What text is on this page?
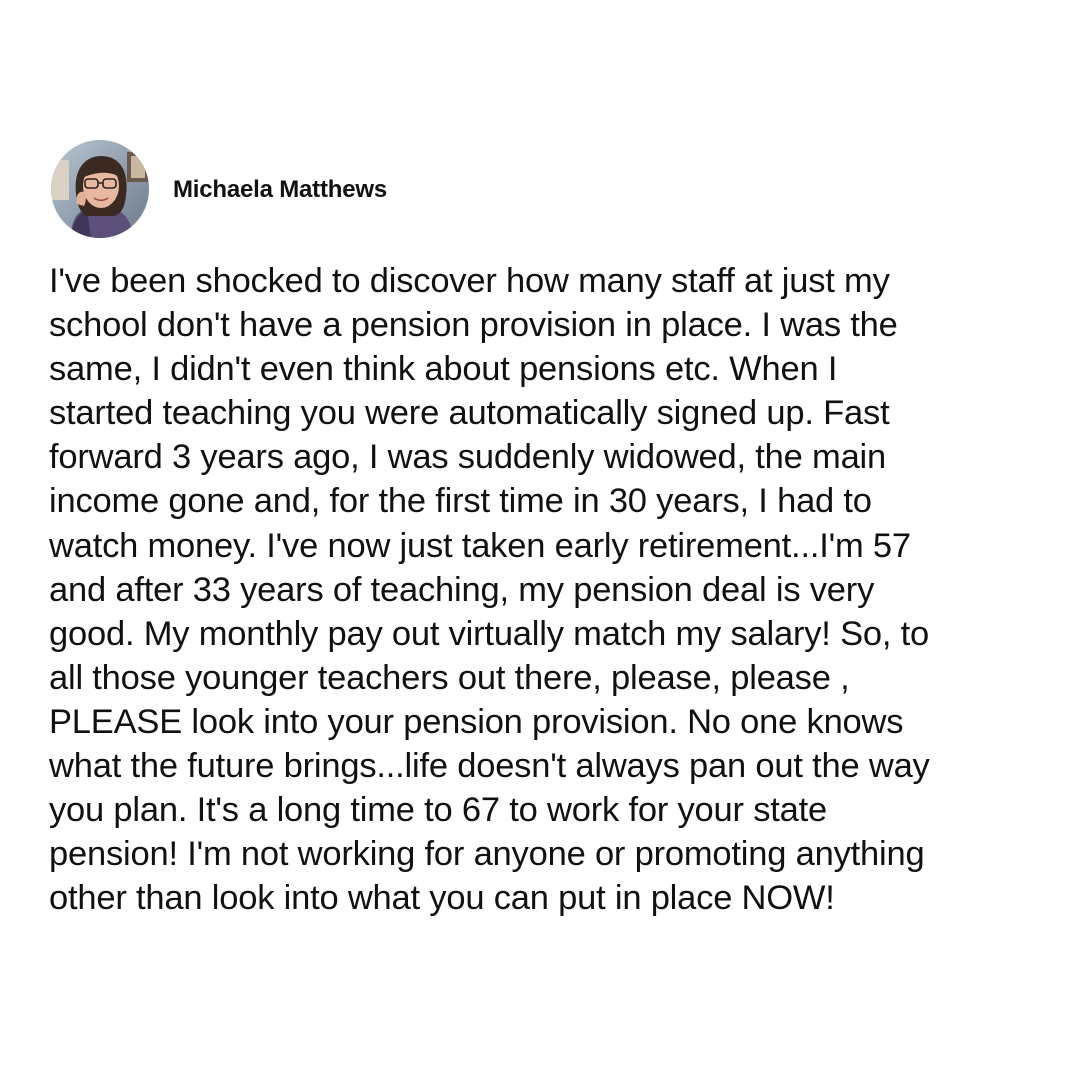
Michaela Matthews
I've been shocked to discover how many staff at just my
school don't have a pension provision in place. I was the
same, I didn't even think about pensions etc. When I
started teaching you were automatically signed up. Fast
forward 3 years ago, I was suddenly widowed, the main
income gone and, for the first time in 30 years, I had to
watch money. I've now just taken early retirement...I'm 57
and after 33 years of teaching, my pension deal is very
good. My monthly pay out virtually match my salary! So, to
all those younger teachers out there, please, please ,
PLEASE look into your pension provision. No one knows
what the future brings...life doesn't always pan out the way
you plan. It's a long time to 67 to work for your state
pension! I'm not working for anyone or promoting anything
other than look into what you can put in place NOW!
